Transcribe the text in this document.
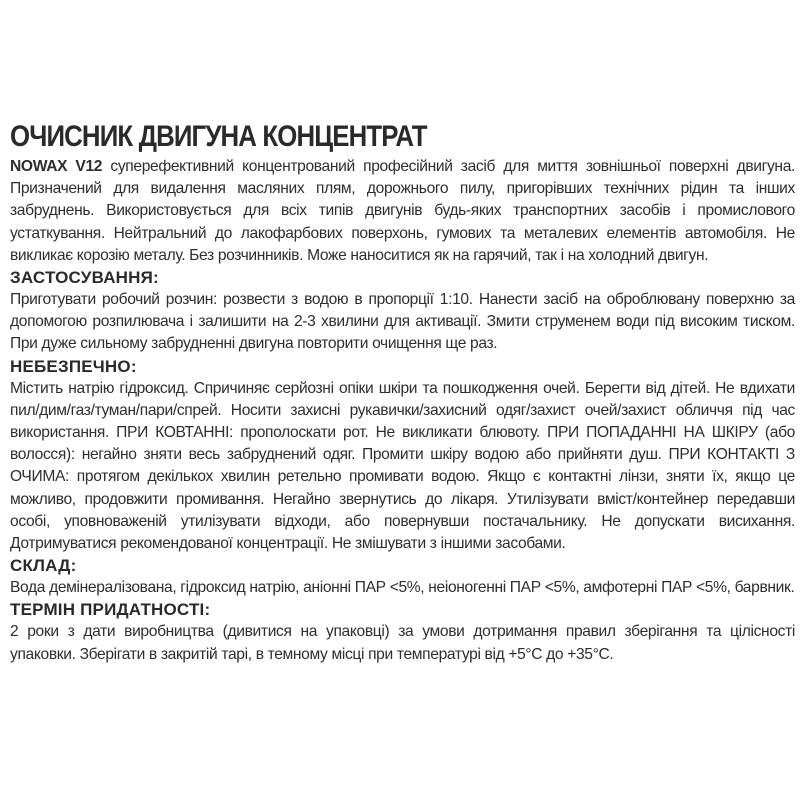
ОЧИСНИК ДВИГУНА КОНЦЕНТРАТ

NOWAX V12 суперефективний концентрований професійний засіб для миття зовнішньої поверхні двигуна. Призначений для видалення масляних плям, дорожнього пилу, пригорівших технічних рідин та інших забруднень. Використовується для всіх типів двигунів будь-яких транспортних засобів і промислового устаткування. Нейтральний до лакофарбових поверхонь, гумових та металевих елементів автомобіля. Не викликає корозію металу. Без розчинників. Може наноситися як на гарячий, так і на холодний двигун.

ЗАСТОСУВАННЯ:

Приготувати робочий розчин: розвести з водою в пропорції 1:10. Нанести засіб на оброблювану поверхню за допомогою розпилювача і залишити на 2-3 хвилини для активації. Змити струменем води під високим тиском. При дуже сильному забрудненні двигуна повторити очищення ще раз.

НЕБЕЗПЕЧНО:

Містить натрію гідроксид. Спричиняє серйозні опіки шкіри та пошкодження очей. Берегти від дітей. Не вдихати пил/дим/газ/туман/пари/спрей. Носити захисні рукавички/захисний одяг/захист очей/захист обличчя під час використання. ПРИ КОВТАННІ: прополоскати рот. Не викликати блювоту. ПРИ ПОПАДАННІ НА ШКІРУ (або волосся): негайно зняти весь забруднений одяг. Промити шкіру водою або прийняти душ. ПРИ КОНТАКТІ З ОЧИМА: протягом декількох хвилин ретельно промивати водою. Якщо є контактні лінзи, зняти їх, якщо це можливо, продовжити промивання. Негайно звернутись до лікаря. Утилізувати вміст/контейнер передавши особі, уповноваженій утилізувати відходи, або повернувши постачальнику. Не допускати висихання. Дотримуватися рекомендованої концентрації. Не змішувати з іншими засобами.

СКЛАД:

Вода демінералізована, гідроксид натрію, аніонні ПАР <5%, неіоногенні ПАР <5%, амфотерні ПАР <5%, барвник.

ТЕРМІН ПРИДАТНОСТІ:

2 роки з дати виробництва (дивитися на упаковці) за умови дотримання правил зберігання та цілісності упаковки. Зберігати в закритій тарі, в темному місці при температурі від +5°C до +35°C.
